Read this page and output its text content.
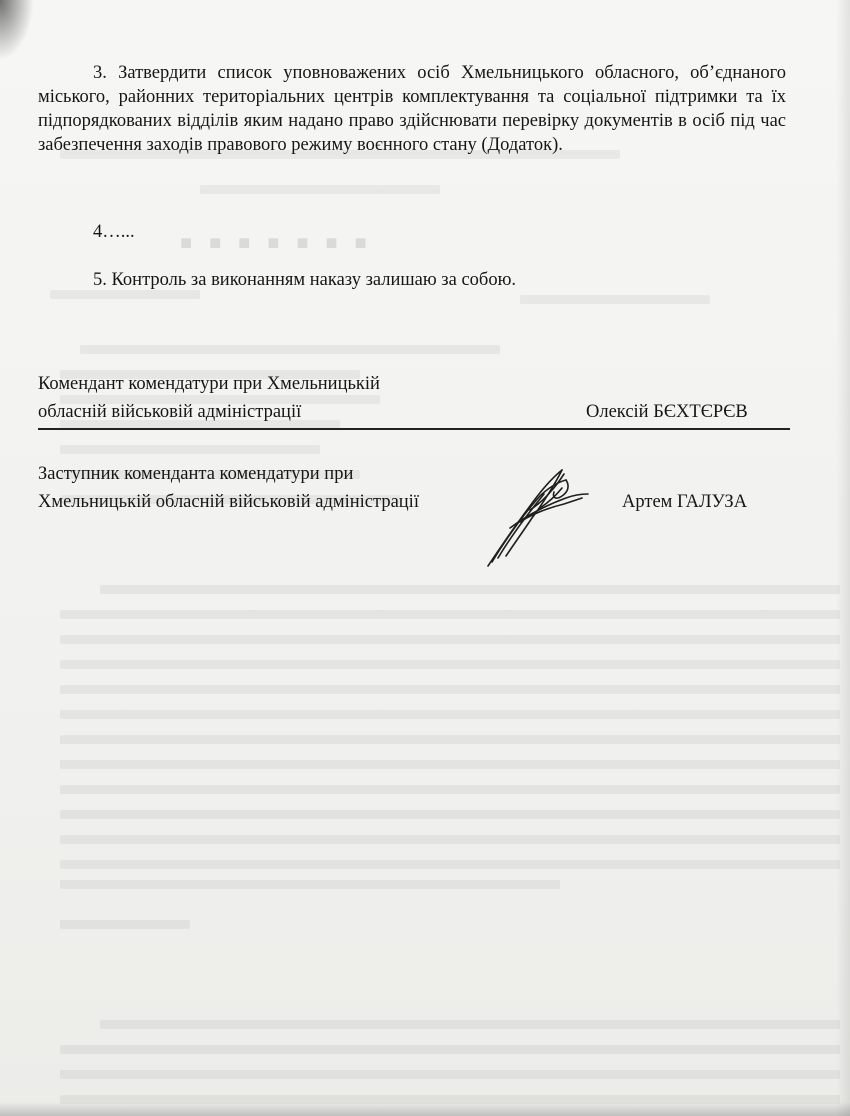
■ ■ ■ ■ ■ ■ ■
3. Затвердити список уповноважених осіб Хмельницького обласного, об’єднаного міського, районних територіальних центрів комплектування та соціальної підтримки та їх підпорядкованих відділів яким надано право здійснювати перевірку документів в осіб під час забезпечення заходів правового режиму воєнного стану (Додаток).
4…...
5. Контроль за виконанням наказу залишаю за собою.
Комендант комендатури при Хмельницькій
обласній військовій адміністрації	Олексій БЄХТЄРЄВ
Заступник коменданта комендатури при
Хмельницькій обласній військовій адміністрації	Артем ГАЛУЗА
